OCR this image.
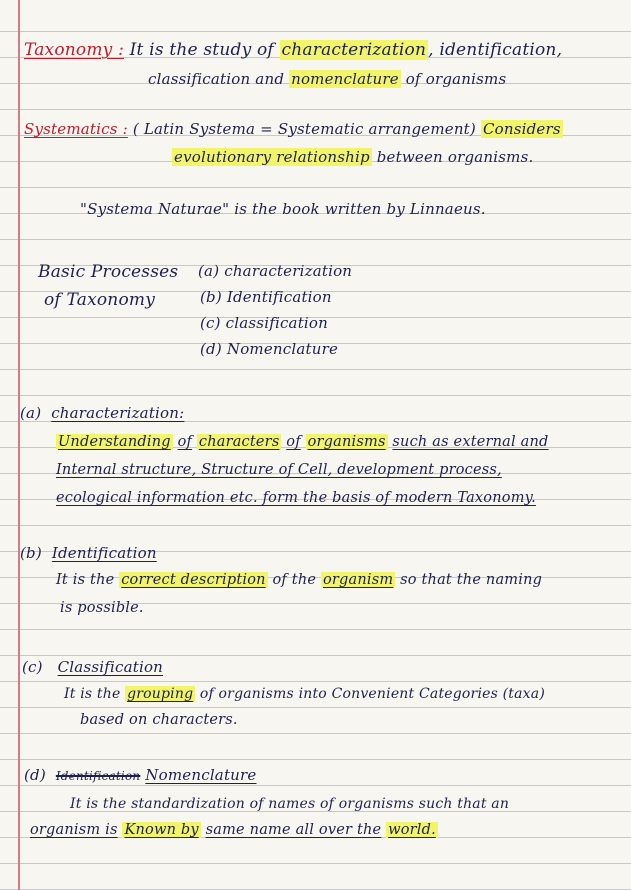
Taxonomy : It is the study of characterization , identification,
classification and nomenclature of organisms
Systematics : ( Latin Systema = Systematic arrangement) Considers
evolutionary relationship between organisms.
"Systema Naturae" is the book written by Linnaeus.
Basic Processes
of Taxonomy
(a) characterization
(b) Identification
(c) classification
(d) Nomenclature
(a) characterization:
Understanding of characters of organisms such as external and
Internal structure, Structure of Cell, development process,
ecological information etc. form the basis of modern Taxonomy.
(b) Identification
It is the correct description of the organism so that the naming
is possible.
(c) Classification
It is the grouping of organisms into Convenient Categories (taxa)
based on characters.
(d) Identification Nomenclature
It is the standardization of names of organisms such that an
organism is Known by same name all over the world.
